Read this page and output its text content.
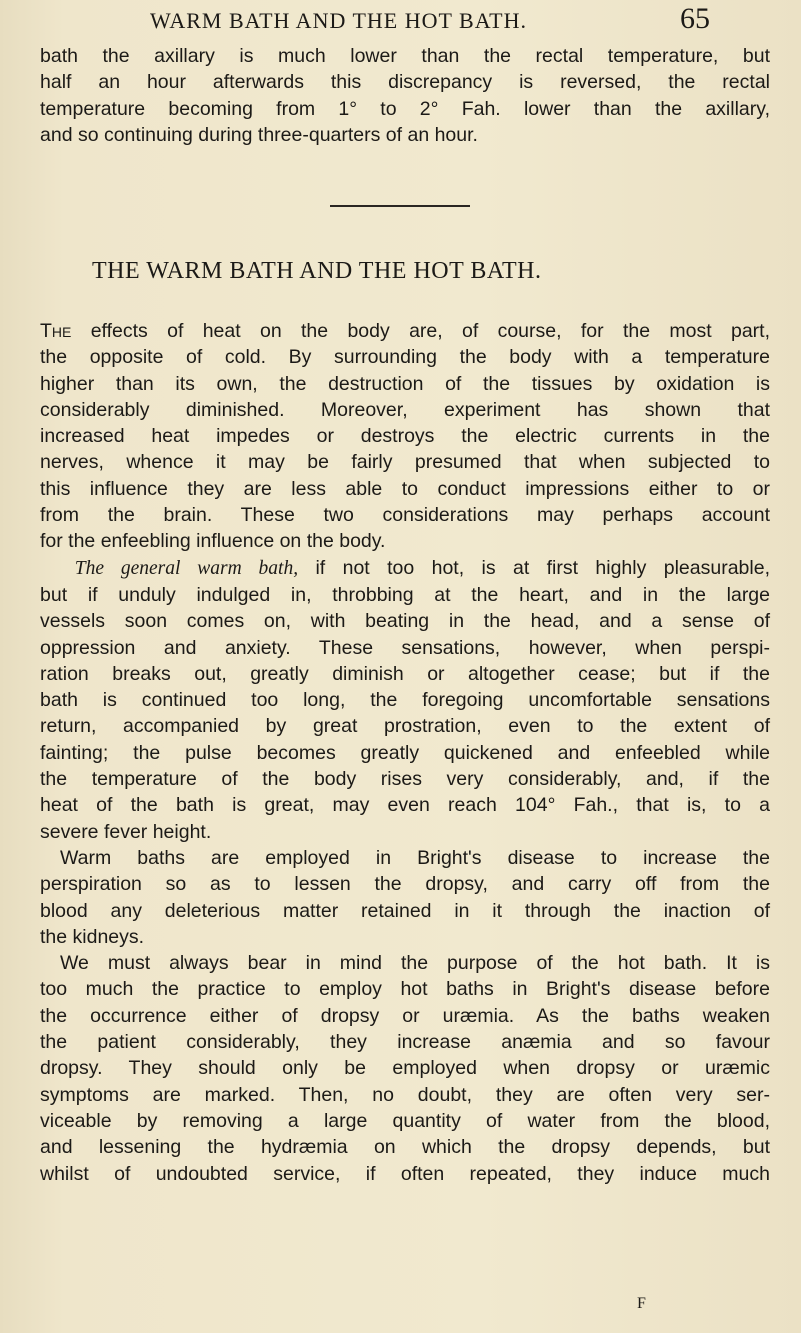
WARM BATH AND THE HOT BATH.	65
bath the axillary is much lower than the rectal temperature, but
half an hour afterwards this discrepancy is reversed, the rectal
temperature becoming from 1° to 2° Fah. lower than the axillary,
and so continuing during three-quarters of an hour.
THE WARM BATH AND THE HOT BATH.
The effects of heat on the body are, of course, for the most part,
the opposite of cold. By surrounding the body with a temperature
higher than its own, the destruction of the tissues by oxidation is
considerably diminished. Moreover, experiment has shown that
increased heat impedes or destroys the electric currents in the
nerves, whence it may be fairly presumed that when subjected to
this influence they are less able to conduct impressions either to or
from the brain. These two considerations may perhaps account
for the enfeebling influence on the body.
The general warm bath, if not too hot, is at first highly pleasurable,
but if unduly indulged in, throbbing at the heart, and in the large
vessels soon comes on, with beating in the head, and a sense of
oppression and anxiety. These sensations, however, when perspi-
ration breaks out, greatly diminish or altogether cease; but if the
bath is continued too long, the foregoing uncomfortable sensations
return, accompanied by great prostration, even to the extent of
fainting; the pulse becomes greatly quickened and enfeebled while
the temperature of the body rises very considerably, and, if the
heat of the bath is great, may even reach 104° Fah., that is, to a
severe fever height.
Warm baths are employed in Bright's disease to increase the
perspiration so as to lessen the dropsy, and carry off from the
blood any deleterious matter retained in it through the inaction of
the kidneys.
We must always bear in mind the purpose of the hot bath. It is
too much the practice to employ hot baths in Bright's disease before
the occurrence either of dropsy or uræmia. As the baths weaken
the patient considerably, they increase anæmia and so favour
dropsy. They should only be employed when dropsy or uræmic
symptoms are marked. Then, no doubt, they are often very ser-
viceable by removing a large quantity of water from the blood,
and lessening the hydræmia on which the dropsy depends, but
whilst of undoubted service, if often repeated, they induce much
F
